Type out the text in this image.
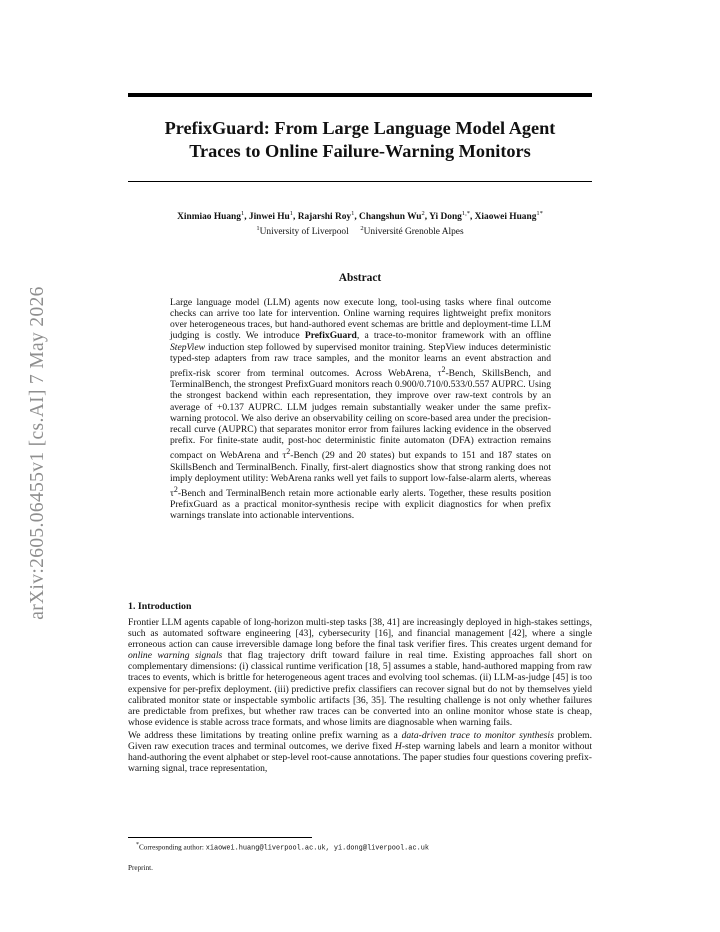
arXiv:2605.06455v1 [cs.AI] 7 May 2026
PrefixGuard: From Large Language Model Agent
Traces to Online Failure-Warning Monitors
Xinmiao Huang$^1$, Jinwei Hu$^1$, Rajarshi Roy$^1$, Changshun Wu$^2$, Yi Dong$^{1,*}$, Xiaowei Huang$^{1*}$
$^1$University of Liverpool $^2$Université Grenoble Alpes
Abstract

Large language model (LLM) agents now execute long, tool-using tasks where final outcome checks can arrive too late for intervention. Online warning requires lightweight prefix monitors over heterogeneous traces, but hand-authored event schemas are brittle and deployment-time LLM judging is costly. We introduce PrefixGuard, a trace-to-monitor framework with an offline StepView induction step followed by supervised monitor training. StepView induces deterministic typed-step adapters from raw trace samples, and the monitor learns an event abstraction and prefix-risk scorer from terminal outcomes. Across WebArena, $\tau^2$-Bench, SkillsBench, and TerminalBench, the strongest PrefixGuard monitors reach 0.900/0.710/0.533/0.557 AUPRC. Using the strongest backend within each representation, they improve over raw-text controls by an average of +0.137 AUPRC. LLM judges remain substantially weaker under the same prefix-warning protocol. We also derive an observability ceiling on score-based area under the precision-recall curve (AUPRC) that separates monitor error from failures lacking evidence in the observed prefix. For finite-state audit, post-hoc deterministic finite automaton (DFA) extraction remains compact on WebArena and $\tau^2$-Bench (29 and 20 states) but expands to 151 and 187 states on SkillsBench and TerminalBench. Finally, first-alert diagnostics show that strong ranking does not imply deployment utility: WebArena ranks well yet fails to support low-false-alarm alerts, whereas $\tau^2$-Bench and TerminalBench retain more actionable early alerts. Together, these results position PrefixGuard as a practical monitor-synthesis recipe with explicit diagnostics for when prefix warnings translate into actionable interventions.

1. Introduction

Frontier LLM agents capable of long-horizon multi-step tasks [38, 41] are increasingly deployed in high-stakes settings, such as automated software engineering [43], cybersecurity [16], and financial management [42], where a single erroneous action can cause irreversible damage long before the final task verifier fires. This creates urgent demand for online warning signals that flag trajectory drift toward failure in real time. Existing approaches fall short on complementary dimensions: (i) classical runtime verification [18, 5] assumes a stable, hand-authored mapping from raw traces to events, which is brittle for heterogeneous agent traces and evolving tool schemas. (ii) LLM-as-judge [45] is too expensive for per-prefix deployment. (iii) predictive prefix classifiers can recover signal but do not by themselves yield calibrated monitor state or inspectable symbolic artifacts [36, 35]. The resulting challenge is not only whether failures are predictable from prefixes, but whether raw traces can be converted into an online monitor whose state is cheap, whose evidence is stable across trace formats, and whose limits are diagnosable when warning fails.

We address these limitations by treating online prefix warning as a data-driven trace to monitor synthesis problem. Given raw execution traces and terminal outcomes, we derive fixed H-step warning labels and learn a monitor without hand-authoring the event alphabet or step-level root-cause annotations. The paper studies four questions covering prefix-warning signal, trace representation,

*Corresponding author: xiaowei.huang@liverpool.ac.uk, yi.dong@liverpool.ac.uk
Preprint.
